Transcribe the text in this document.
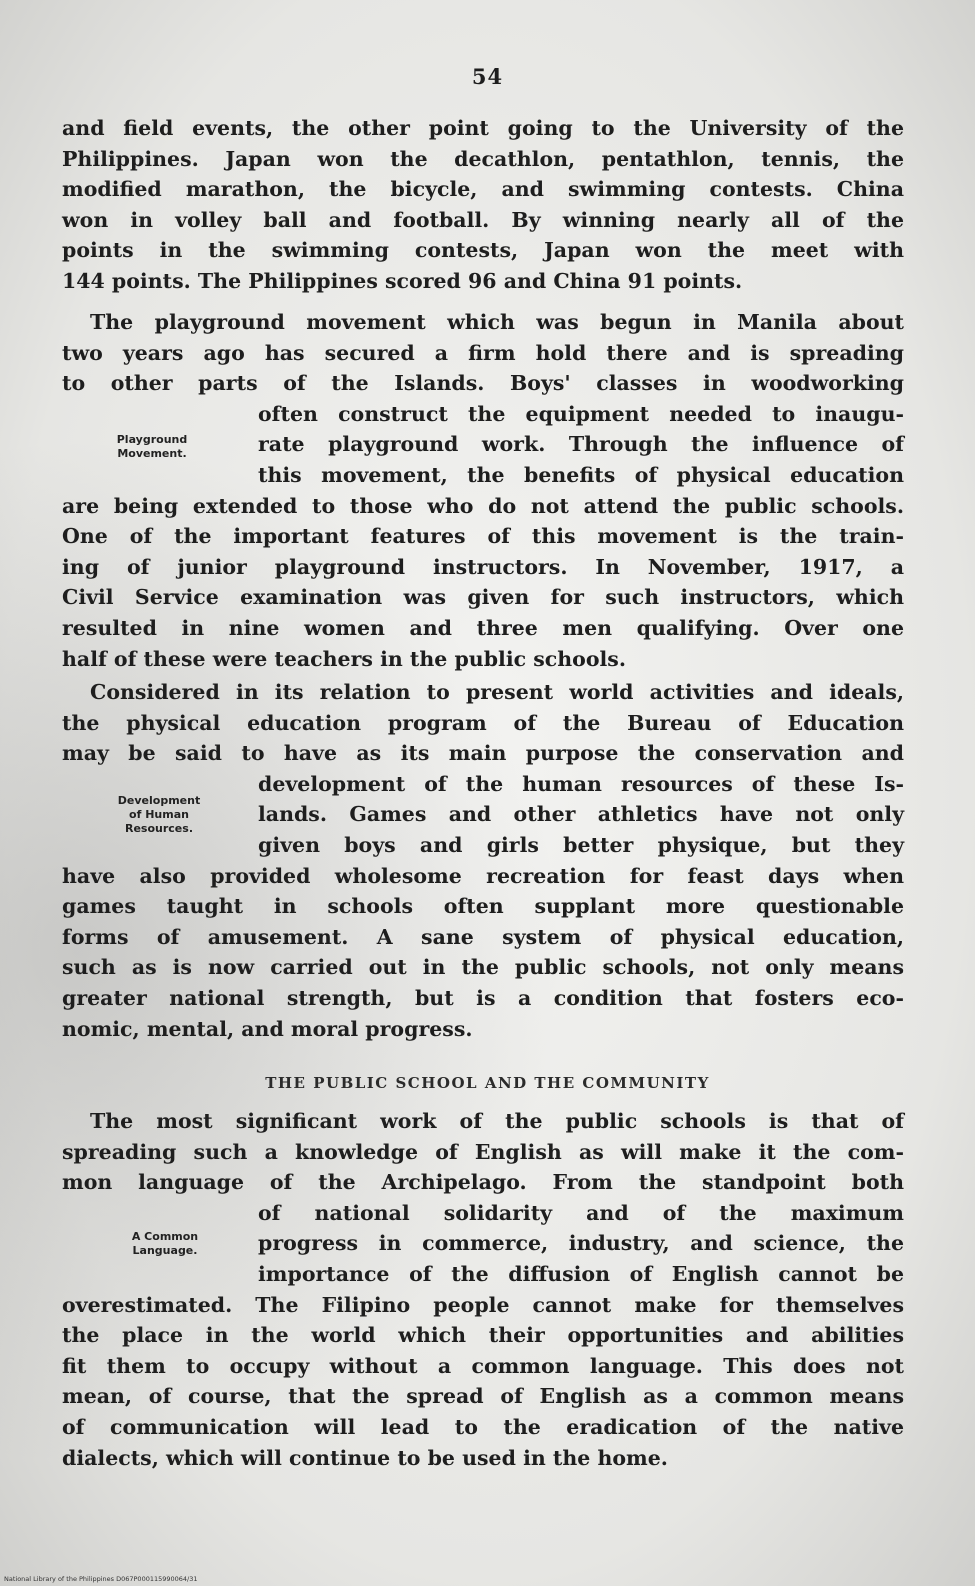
54
and field events, the other point going to the University of the
Philippines. Japan won the decathlon, pentathlon, tennis, the
modified marathon, the bicycle, and swimming contests. China
won in volley ball and football. By winning nearly all of the
points in the swimming contests, Japan won the meet with
144 points. The Philippines scored 96 and China 91 points.
The playground movement which was begun in Manila about
two years ago has secured a firm hold there and is spreading
to other parts of the Islands. Boys' classes in woodworking
often construct the equipment needed to inaugu-
rate playground work. Through the influence of
this movement, the benefits of physical education
are being extended to those who do not attend the public schools.
One of the important features of this movement is the train-
ing of junior playground instructors. In November, 1917, a
Civil Service examination was given for such instructors, which
resulted in nine women and three men qualifying. Over one
half of these were teachers in the public schools.
Playground
Movement.
Considered in its relation to present world activities and ideals,
the physical education program of the Bureau of Education
may be said to have as its main purpose the conservation and
development of the human resources of these Is-
lands. Games and other athletics have not only
given boys and girls better physique, but they
have also provided wholesome recreation for feast days when
games taught in schools often supplant more questionable
forms of amusement. A sane system of physical education,
such as is now carried out in the public schools, not only means
greater national strength, but is a condition that fosters eco-
nomic, mental, and moral progress.
Development
of Human
Resources.
THE PUBLIC SCHOOL AND THE COMMUNITY
The most significant work of the public schools is that of
spreading such a knowledge of English as will make it the com-
mon language of the Archipelago. From the standpoint both
of national solidarity and of the maximum
progress in commerce, industry, and science, the
importance of the diffusion of English cannot be
overestimated. The Filipino people cannot make for themselves
the place in the world which their opportunities and abilities
fit them to occupy without a common language. This does not
mean, of course, that the spread of English as a common means
of communication will lead to the eradication of the native
dialects, which will continue to be used in the home.
A Common
Language.
National Library of the Philippines D067P000115990064/31
